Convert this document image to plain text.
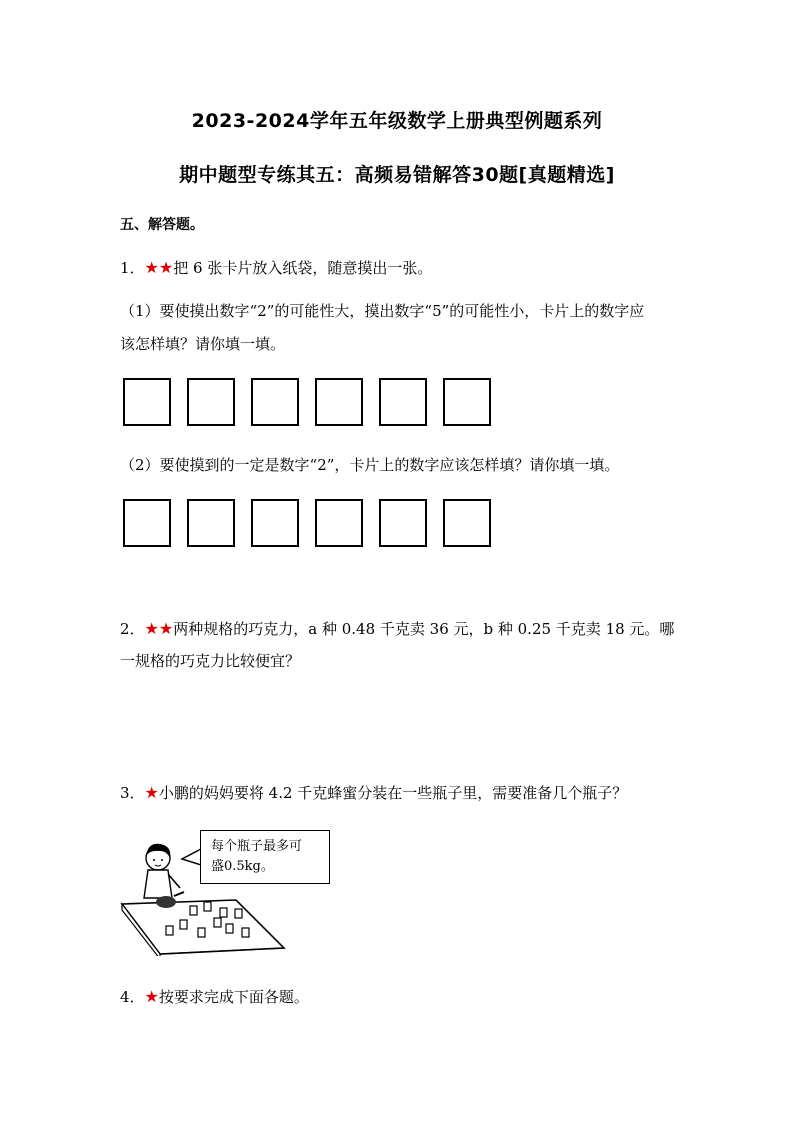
2023-2024学年五年级数学上册典型例题系列
期中题型专练其五：高频易错解答30题[真题精选]
五、解答题。
1．★★把 6 张卡片放入纸袋，随意摸出一张。
（1）要使摸出数字“2”的可能性大，摸出数字“5”的可能性小，卡片上的数字应
该怎样填？请你填一填。
（2）要使摸到的一定是数字“2”，卡片上的数字应该怎样填？请你填一填。
2．★★两种规格的巧克力，a 种 0.48 千克卖 36 元，b 种 0.25 千克卖 18 元。哪
一规格的巧克力比较便宜？
3．★小鹏的妈妈要将 4.2 千克蜂蜜分装在一些瓶子里，需要准备几个瓶子？
每个瓶子最多可
盛0.5kg。
4．★按要求完成下面各题。
